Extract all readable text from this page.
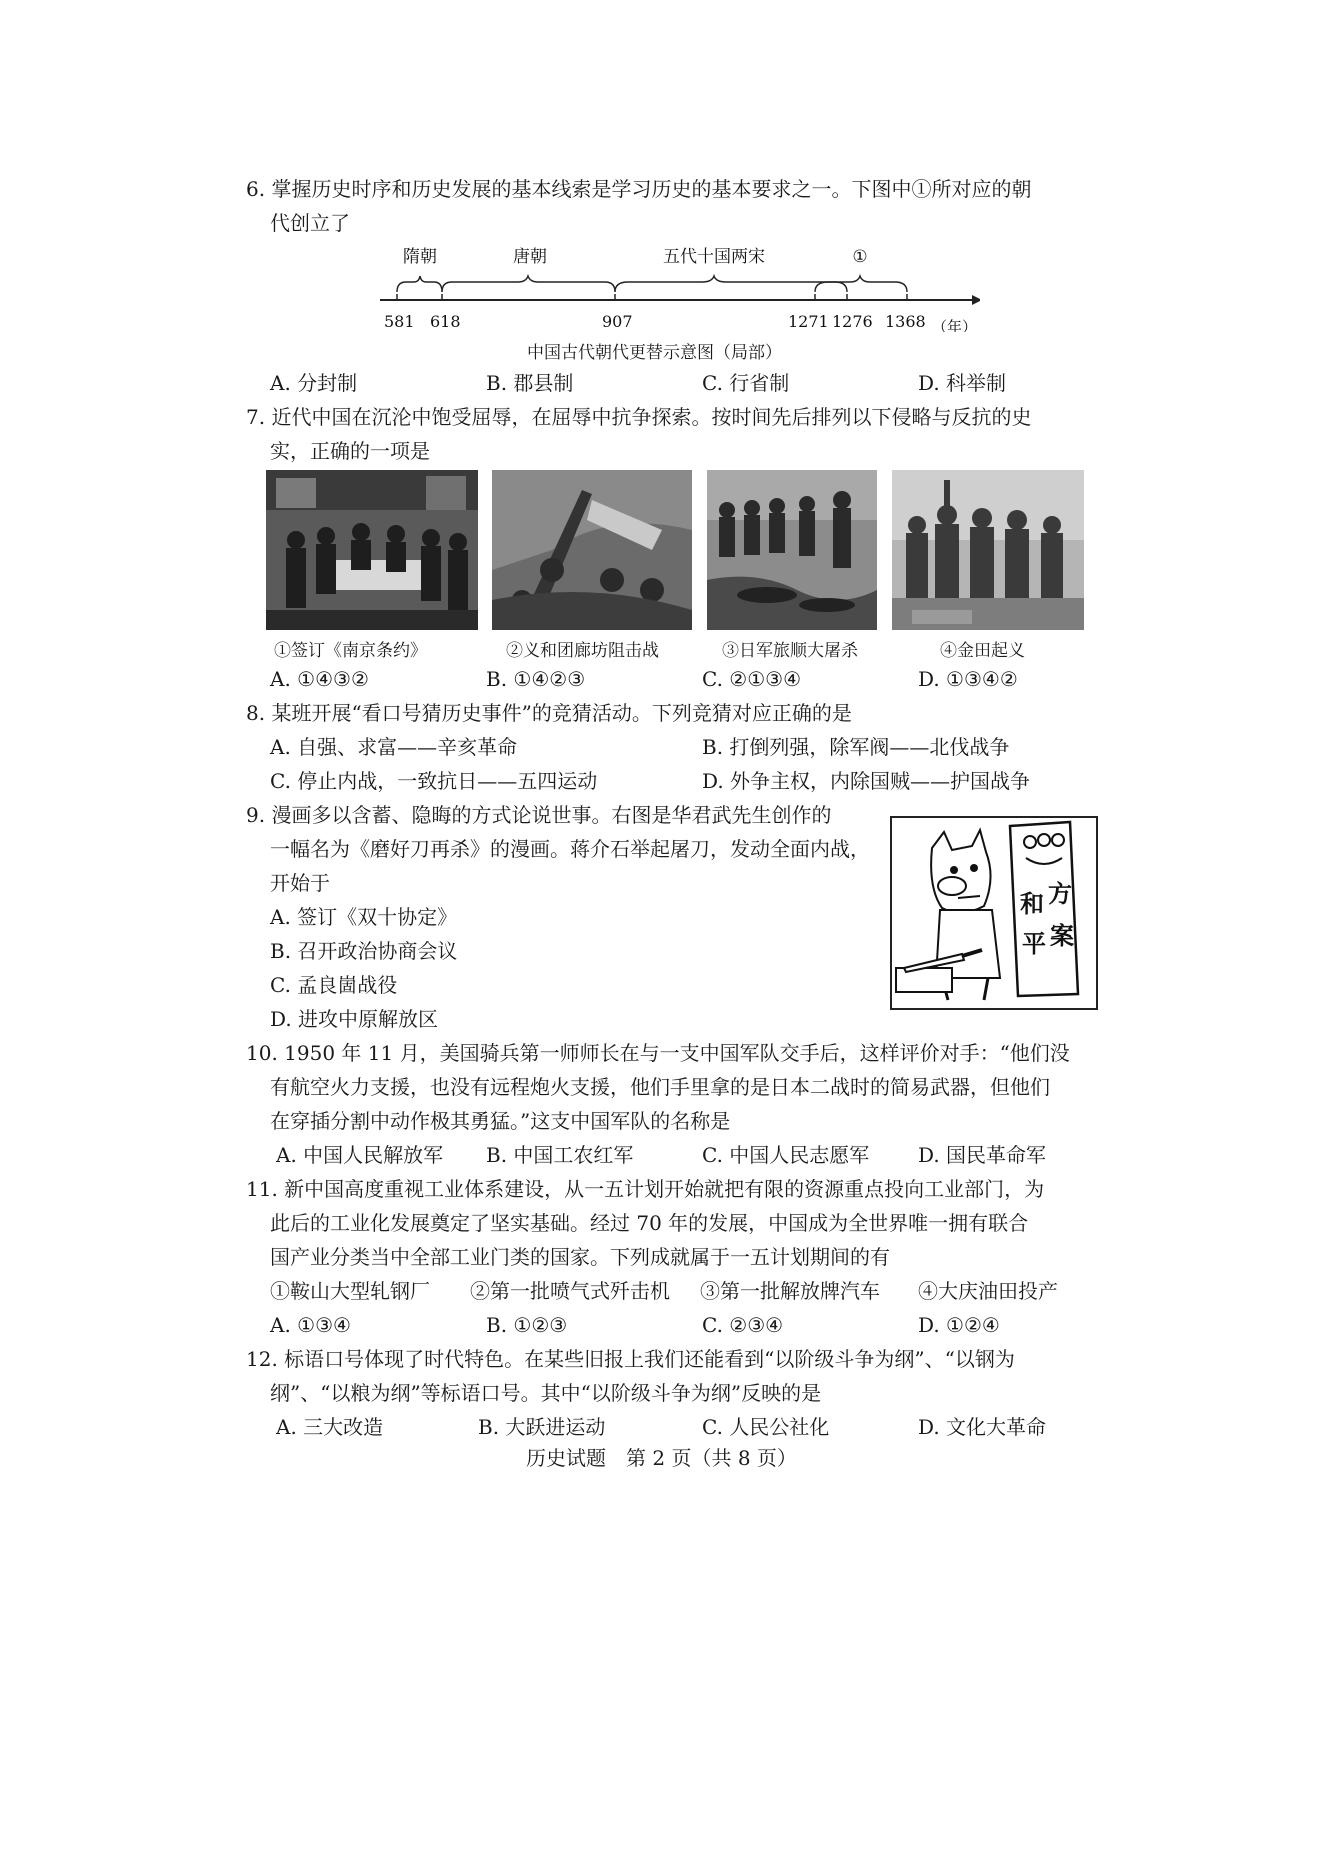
6. 掌握历史时序和历史发展的基本线索是学习历史的基本要求之一。下图中①所对应的朝
代创立了
隋朝	唐朝	五代十国两宋	①
581 618	907	1271 1276 1368 （年）
中国古代朝代更替示意图（局部）
A. 分封制	B. 郡县制	C. 行省制	D. 科举制
7. 近代中国在沉沦中饱受屈辱，在屈辱中抗争探索。按时间先后排列以下侵略与反抗的史
实，正确的一项是
①签订《南京条约》	②义和团廊坊阻击战	③日军旅顺大屠杀	④金田起义
A. ①④③②	B. ①④②③	C. ②①③④	D. ①③④②
8. 某班开展“看口号猜历史事件”的竞猜活动。下列竞猜对应正确的是
A. 自强、求富——辛亥革命	B. 打倒列强，除军阀——北伐战争
C. 停止内战，一致抗日——五四运动	D. 外争主权，内除国贼——护国战争
9. 漫画多以含蓄、隐晦的方式论说世事。右图是华君武先生创作的
一幅名为《磨好刀再杀》的漫画。蒋介石举起屠刀，发动全面内战，
开始于
A. 签订《双十协定》
B. 召开政治协商会议
C. 孟良崮战役
D. 进攻中原解放区
和 方
平 案
10. 1950 年 11 月，美国骑兵第一师师长在与一支中国军队交手后，这样评价对手：“他们没
有航空火力支援，也没有远程炮火支援，他们手里拿的是日本二战时的简易武器，但他们
在穿插分割中动作极其勇猛。”这支中国军队的名称是
A. 中国人民解放军 B. 中国工农红军	C. 中国人民志愿军 D. 国民革命军
11. 新中国高度重视工业体系建设，从一五计划开始就把有限的资源重点投向工业部门，为
此后的工业化发展奠定了坚实基础。经过 70 年的发展，中国成为全世界唯一拥有联合
国产业分类当中全部工业门类的国家。下列成就属于一五计划期间的有
①鞍山大型轧钢厂 ②第一批喷气式歼击机 ③第一批解放牌汽车 ④大庆油田投产
A. ①③④	B. ①②③	C. ②③④	D. ①②④
12. 标语口号体现了时代特色。在某些旧报上我们还能看到“以阶级斗争为纲”、“以钢为
纲”、“以粮为纲”等标语口号。其中“以阶级斗争为纲”反映的是
A. 三大改造	B. 大跃进运动	C. 人民公社化	D. 文化大革命
历史试题　第 2 页（共 8 页）
